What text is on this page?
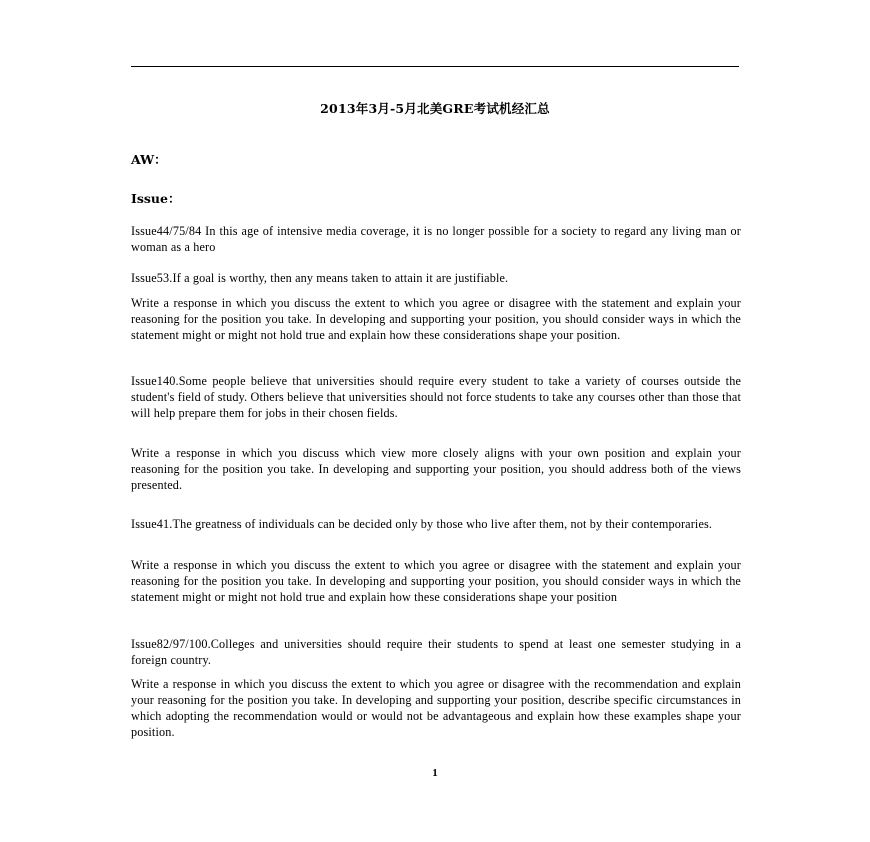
2013年3月-5月北美GRE考试机经汇总
AW：
Issue：
Issue44/75/84 In this age of intensive media coverage, it is no longer possible for a society to regard any living man or woman as a hero
Issue53.If a goal is worthy, then any means taken to attain it are justifiable.
Write a response in which you discuss the extent to which you agree or disagree with the statement and explain your reasoning for the position you take. In developing and supporting your position, you should consider ways in which the statement might or might not hold true and explain how these considerations shape your position.
Issue140.Some people believe that universities should require every student to take a variety of courses outside the student's field of study. Others believe that universities should not force students to take any courses other than those that will help prepare them for jobs in their chosen fields.
Write a response in which you discuss which view more closely aligns with your own position and explain your reasoning for the position you take. In developing and supporting your position, you should address both of the views presented.
Issue41.The greatness of individuals can be decided only by those who live after them, not by their contemporaries.
Write a response in which you discuss the extent to which you agree or disagree with the statement and explain your reasoning for the position you take. In developing and supporting your position, you should consider ways in which the statement might or might not hold true and explain how these considerations shape your position
Issue82/97/100.Colleges and universities should require their students to spend at least one semester studying in a foreign country.
Write a response in which you discuss the extent to which you agree or disagree with the recommendation and explain your reasoning for the position you take. In developing and supporting your position, describe specific circumstances in which adopting the recommendation would or would not be advantageous and explain how these examples shape your position.
1
